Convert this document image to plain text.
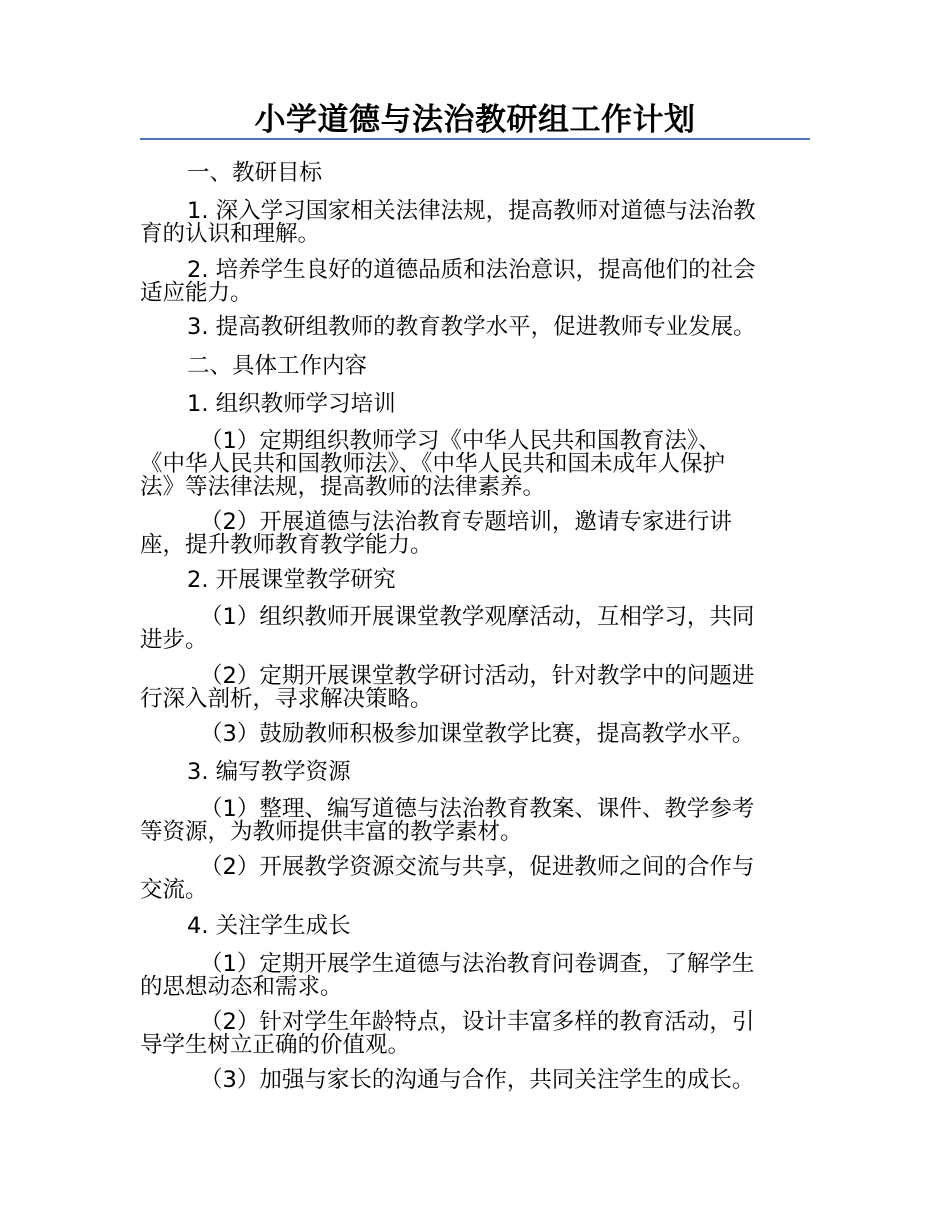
小学道德与法治教研组工作计划
一、教研目标
1. 深入学习国家相关法律法规，提高教师对道德与法治教
育的认识和理解。
2. 培养学生良好的道德品质和法治意识，提高他们的社会
适应能力。
3. 提高教研组教师的教育教学水平，促进教师专业发展。
二、具体工作内容
1. 组织教师学习培训
（1）定期组织教师学习《中华人民共和国教育法》、
《中华人民共和国教师法》、《中华人民共和国未成年人保护
法》等法律法规，提高教师的法律素养。
（2）开展道德与法治教育专题培训，邀请专家进行讲
座，提升教师教育教学能力。
2. 开展课堂教学研究
（1）组织教师开展课堂教学观摩活动，互相学习，共同
进步。
（2）定期开展课堂教学研讨活动，针对教学中的问题进
行深入剖析，寻求解决策略。
（3）鼓励教师积极参加课堂教学比赛，提高教学水平。
3. 编写教学资源
（1）整理、编写道德与法治教育教案、课件、教学参考
等资源，为教师提供丰富的教学素材。
（2）开展教学资源交流与共享，促进教师之间的合作与
交流。
4. 关注学生成长
（1）定期开展学生道德与法治教育问卷调查，了解学生
的思想动态和需求。
（2）针对学生年龄特点，设计丰富多样的教育活动，引
导学生树立正确的价值观。
（3）加强与家长的沟通与合作，共同关注学生的成长。
